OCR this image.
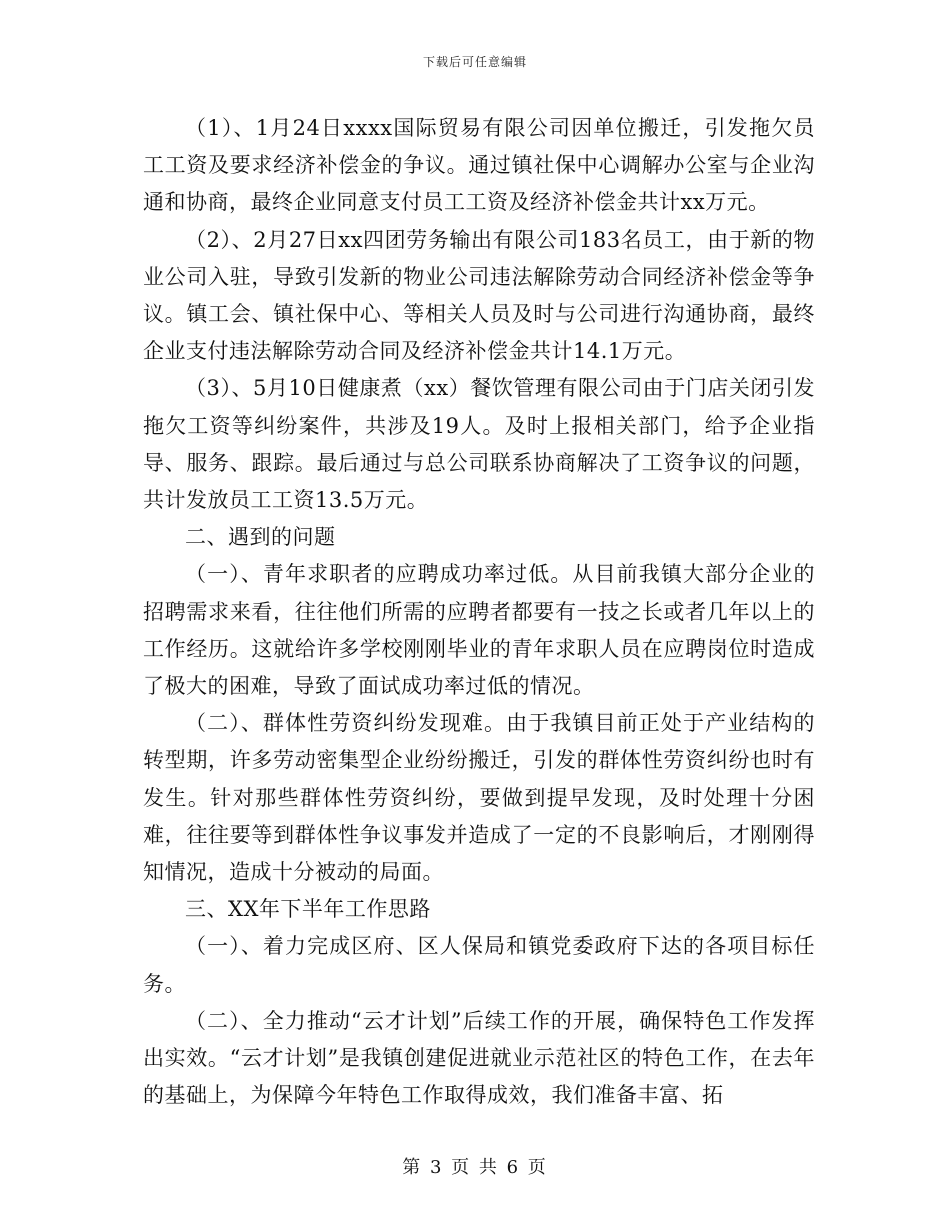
下载后可任意编辑

（1）、1月24日xxxx国际贸易有限公司因单位搬迁，引发拖欠员工工资及要求经济补偿金的争议。通过镇社保中心调解办公室与企业沟通和协商，最终企业同意支付员工工资及经济补偿金共计xx万元。

（2）、2月27日xx四团劳务输出有限公司183名员工，由于新的物业公司入驻，导致引发新的物业公司违法解除劳动合同经济补偿金等争议。镇工会、镇社保中心、等相关人员及时与公司进行沟通协商，最终企业支付违法解除劳动合同及经济补偿金共计14.1万元。

（3）、5月10日健康煮（xx）餐饮管理有限公司由于门店关闭引发拖欠工资等纠纷案件，共涉及19人。及时上报相关部门，给予企业指导、服务、跟踪。最后通过与总公司联系协商解决了工资争议的问题，共计发放员工工资13.5万元。

二、遇到的问题

（一）、青年求职者的应聘成功率过低。从目前我镇大部分企业的招聘需求来看，往往他们所需的应聘者都要有一技之长或者几年以上的工作经历。这就给许多学校刚刚毕业的青年求职人员在应聘岗位时造成了极大的困难，导致了面试成功率过低的情况。

（二）、群体性劳资纠纷发现难。由于我镇目前正处于产业结构的转型期，许多劳动密集型企业纷纷搬迁，引发的群体性劳资纠纷也时有发生。针对那些群体性劳资纠纷，要做到提早发现，及时处理十分困难，往往要等到群体性争议事发并造成了一定的不良影响后，才刚刚得知情况，造成十分被动的局面。

三、XX年下半年工作思路

（一）、着力完成区府、区人保局和镇党委政府下达的各项目标任务。

（二）、全力推动“云才计划”后续工作的开展，确保特色工作发挥出实效。“云才计划”是我镇创建促进就业示范社区的特色工作，在去年的基础上，为保障今年特色工作取得成效，我们准备丰富、拓

第 3 页 共 6 页
